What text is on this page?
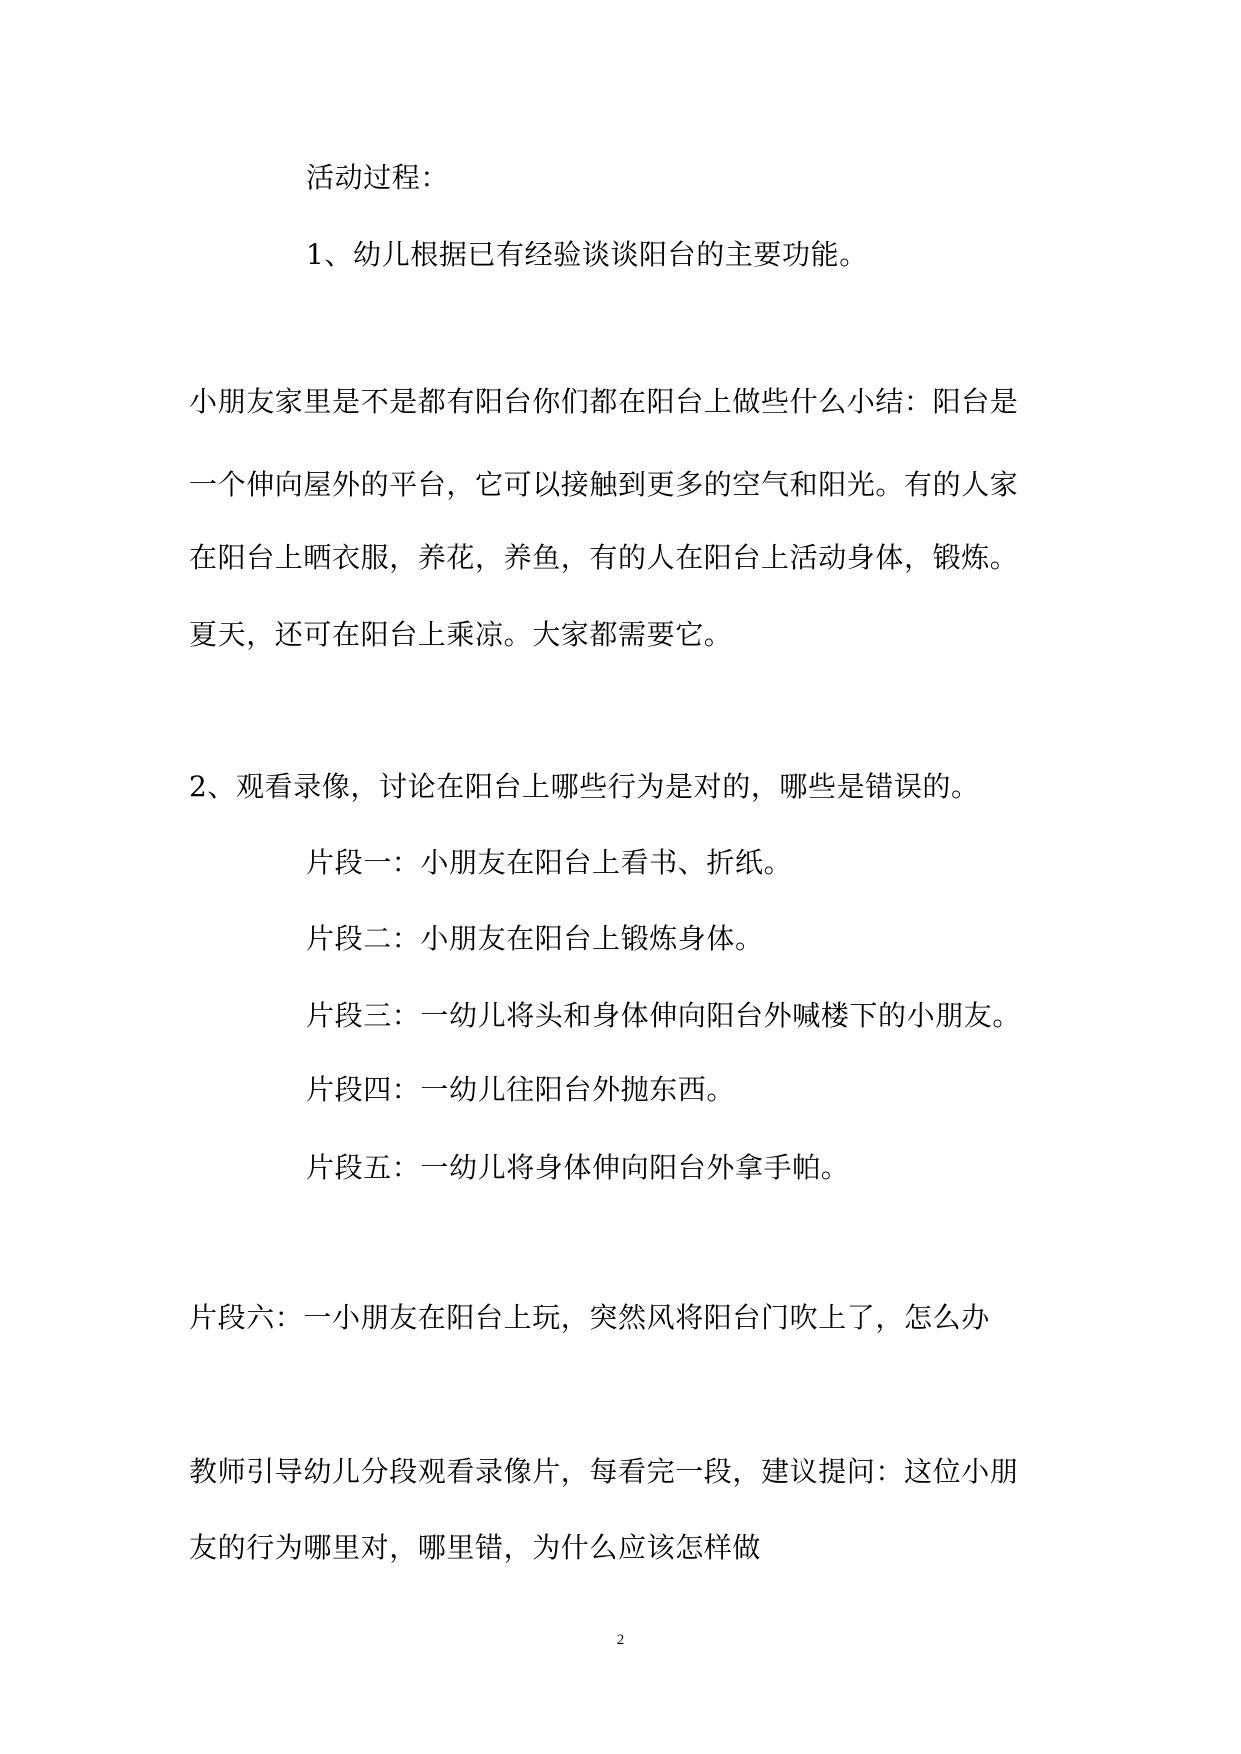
活动过程：

1、幼儿根据已有经验谈谈阳台的主要功能。

小朋友家里是不是都有阳台你们都在阳台上做些什么小结：阳台是

一个伸向屋外的平台，它可以接触到更多的空气和阳光。有的人家

在阳台上晒衣服，养花，养鱼，有的人在阳台上活动身体，锻炼。

夏天，还可在阳台上乘凉。大家都需要它。

2、观看录像，讨论在阳台上哪些行为是对的，哪些是错误的。

片段一：小朋友在阳台上看书、折纸。

片段二：小朋友在阳台上锻炼身体。

片段三：一幼儿将头和身体伸向阳台外喊楼下的小朋友。

片段四：一幼儿往阳台外抛东西。

片段五：一幼儿将身体伸向阳台外拿手帕。

片段六：一小朋友在阳台上玩，突然风将阳台门吹上了，怎么办

教师引导幼儿分段观看录像片，每看完一段，建议提问：这位小朋

友的行为哪里对，哪里错，为什么应该怎样做

2
